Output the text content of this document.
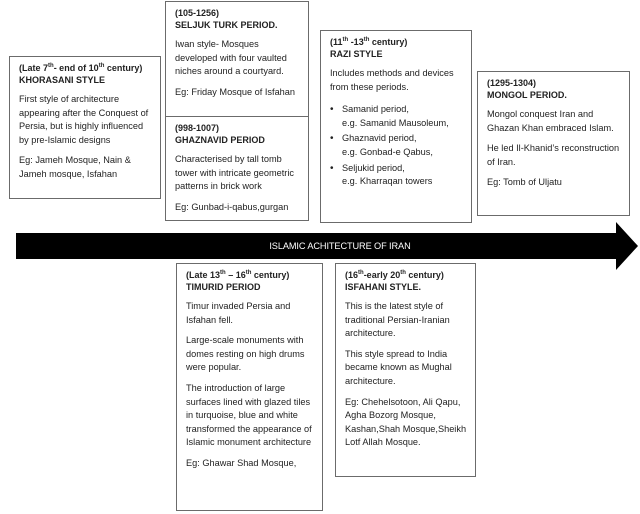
ISLAMIC ACHITECTURE OF IRAN
(Late 7th- end of 10th century)
KHORASANI STYLE

First style of architecture appearing after the Conquest of Persia, but is highly influenced by pre-Islamic designs

Eg: Jameh Mosque, Nain & Jameh mosque, Isfahan

(105-1256)
SELJUK TURK PERIOD.

Iwan style- Mosques developed with four vaulted niches around a courtyard.

Eg: Friday Mosque of Isfahan

(998-1007)
GHAZNAVID PERIOD

Characterised by tall tomb tower with intricate geometric patterns in brick work

Eg: Gunbad-i-qabus,gurgan

(11th -13th century)
RAZI STYLE

Includes methods and devices from these periods.

• Samanid period,
e.g. Samanid Mausoleum,
• Ghaznavid period,
e.g. Gonbad-e Qabus,
• Seljukid period,
e.g. Kharraqan towers
(1295-1304)
MONGOL PERIOD.

Mongol conquest Iran and Ghazan Khan embraced Islam.

He led Il-Khanid’s reconstruction of Iran.

Eg: Tomb of Uljatu

(Late 13th – 16th century)
TIMURID PERIOD

Timur invaded Persia and Isfahan fell.

Large-scale monuments with domes resting on high drums were popular.

The introduction of large surfaces lined with glazed tiles in turquoise, blue and white transformed the appearance of Islamic monument architecture

Eg: Ghawar Shad Mosque,

(16th-early 20th century)
ISFAHANI STYLE.

This is the latest style of traditional Persian-Iranian architecture.

This style spread to India became known as Mughal architecture.

Eg: Chehelsotoon, Ali Qapu, Agha Bozorg Mosque, Kashan,Shah Mosque,Sheikh Lotf Allah Mosque.
